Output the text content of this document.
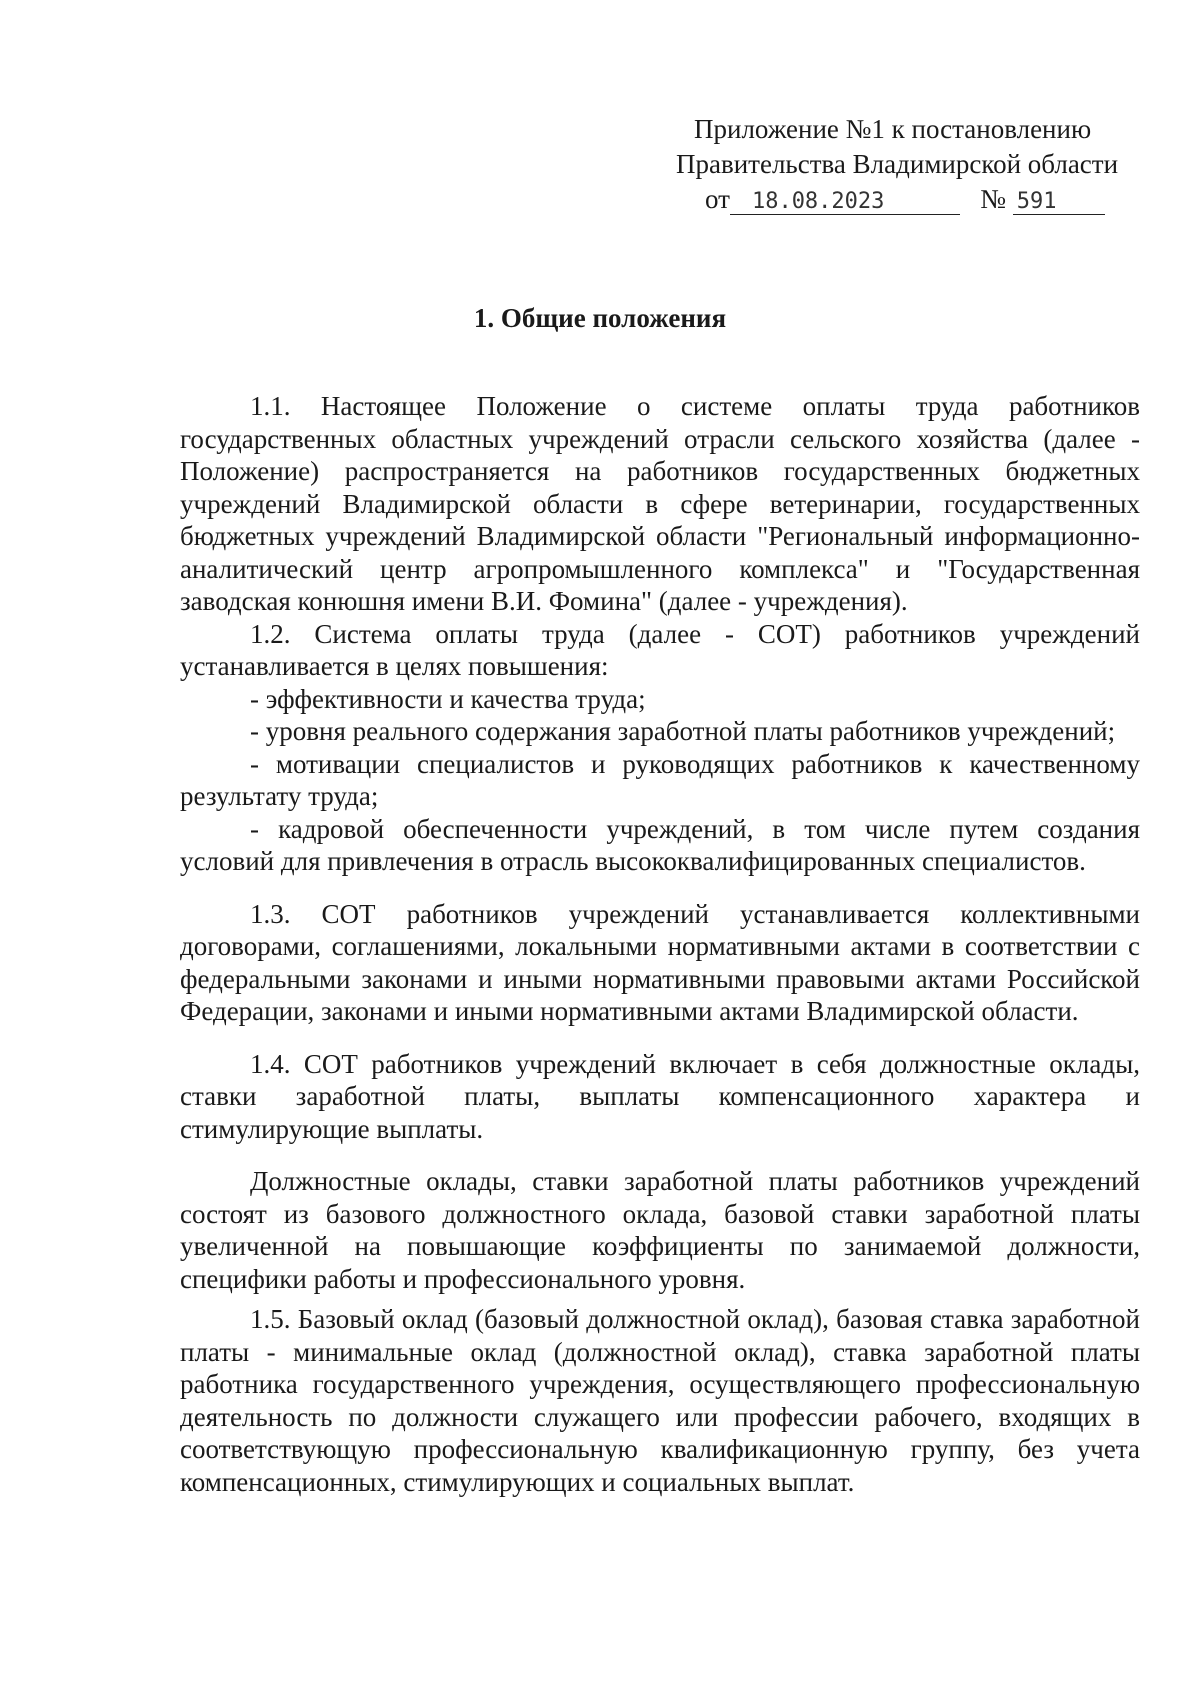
Приложение №1 к постановлению
Правительства Владимирской области
от 18.08.2023	№ 591
1. Общие положения

1.1. Настоящее Положение о системе оплаты труда работников государственных областных учреждений отрасли сельского хозяйства (далее - Положение) распространяется на работников государственных бюджетных учреждений Владимирской области в сфере ветеринарии, государственных бюджетных учреждений Владимирской области "Региональный информационно-аналитический центр агропромышленного комплекса" и "Государственная заводская конюшня имени В.И. Фомина" (далее - учреждения).

1.2. Система оплаты труда (далее - СОТ) работников учреждений устанавливается в целях повышения:

- эффективности и качества труда;

- уровня реального содержания заработной платы работников учреждений;

- мотивации специалистов и руководящих работников к качественному результату труда;

- кадровой обеспеченности учреждений, в том числе путем создания условий для привлечения в отрасль высококвалифицированных специалистов.

1.3. СОТ работников учреждений устанавливается коллективными договорами, соглашениями, локальными нормативными актами в соответствии с федеральными законами и иными нормативными правовыми актами Российской Федерации, законами и иными нормативными актами Владимирской области.

1.4. СОТ работников учреждений включает в себя должностные оклады, ставки заработной платы, выплаты компенсационного характера и стимулирующие выплаты.

Должностные оклады, ставки заработной платы работников учреждений состоят из базового должностного оклада, базовой ставки заработной платы увеличенной на повышающие коэффициенты по занимаемой должности, специфики работы и профессионального уровня.

1.5. Базовый оклад (базовый должностной оклад), базовая ставка заработной платы - минимальные оклад (должностной оклад), ставка заработной платы работника государственного учреждения, осуществляющего профессиональную деятельность по должности служащего или профессии рабочего, входящих в соответствующую профессиональную квалификационную группу, без учета компенсационных, стимулирующих и социальных выплат.
